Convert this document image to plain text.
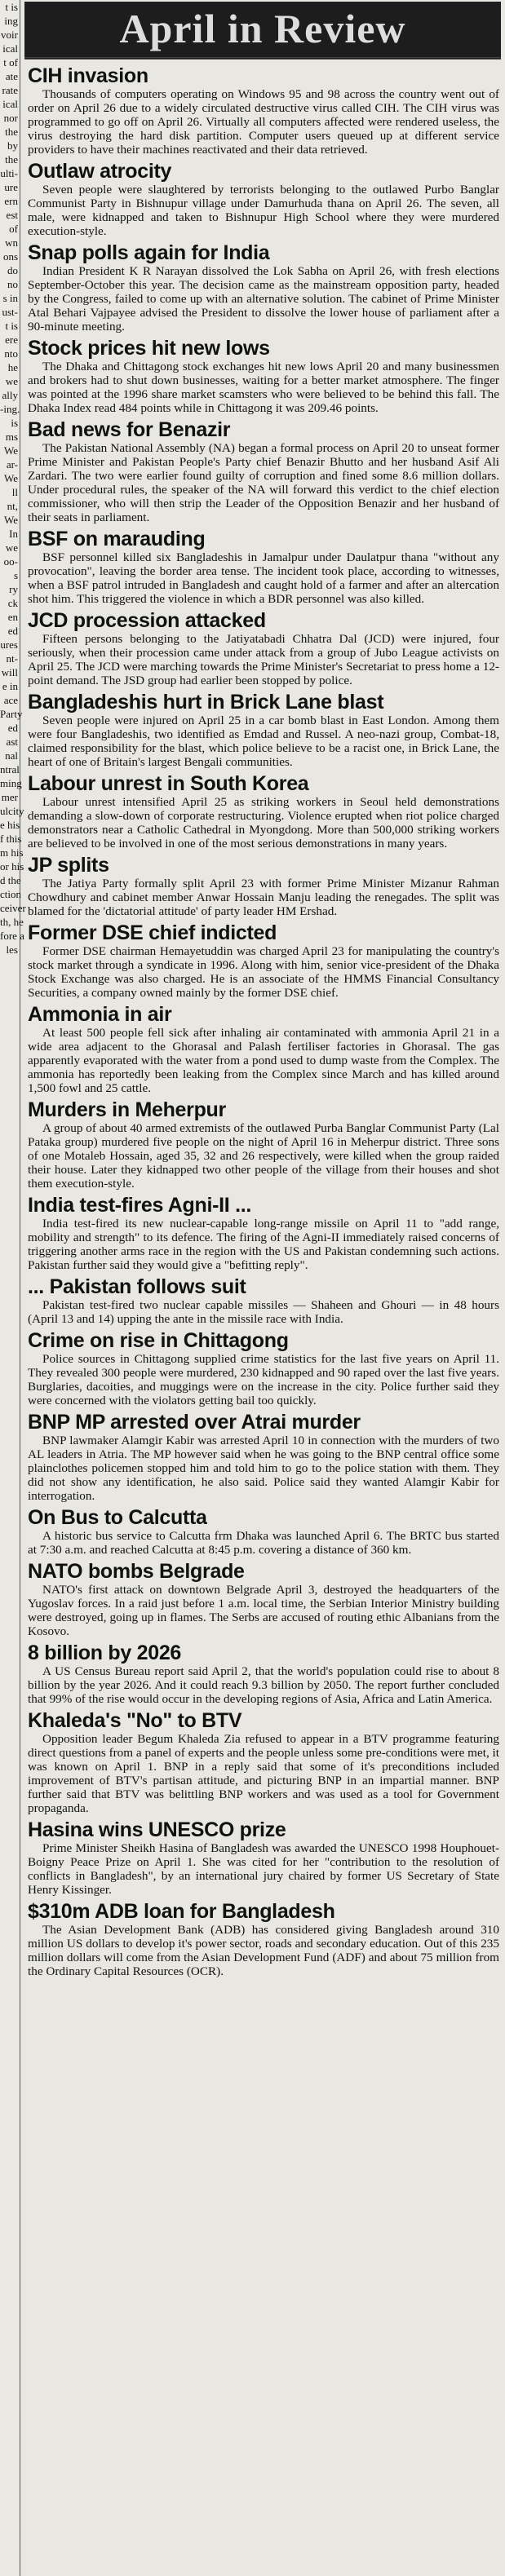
t is
ing
voir
ical
t of
ate
rate
ical
nor
the
by
the
ulti-
ure
ern
est
of
wn
ons
do
no
s in
ust-
t is
ere
nto
he
we
ally
-ing.
is
ms
We
ar-
We
ll
nt,
We
In
we
oo-
s
ry
ck
en
ed
ures
nt-
will
e in
ace
Party
ed
ast
nal
ntral
ming
mer
ulcity
e his
f this
m his
or his
d the
ction
ceiver
th, he
fore a
les
April in Review
CIH invasion

Thousands of computers operating on Windows 95 and 98 across the country went out of order on April 26 due to a widely circulated destructive virus called CIH. The CIH virus was programmed to go off on April 26. Virtually all computers affected were rendered useless, the virus destroying the hard disk partition. Computer users queued up at different service providers to have their machines reactivated and their data retrieved.

Outlaw atrocity

Seven people were slaughtered by terrorists belonging to the outlawed Purbo Banglar Communist Party in Bishnupur village under Damurhuda thana on April 26. The seven, all male, were kidnapped and taken to Bishnupur High School where they were murdered execution-style.

Snap polls again for India

Indian President K R Narayan dissolved the Lok Sabha on April 26, with fresh elections September-October this year. The decision came as the mainstream opposition party, headed by the Congress, failed to come up with an alternative solution. The cabinet of Prime Minister Atal Behari Vajpayee advised the President to dissolve the lower house of parliament after a 90-minute meeting.

Stock prices hit new lows

The Dhaka and Chittagong stock exchanges hit new lows April 20 and many businessmen and brokers had to shut down businesses, waiting for a better market atmosphere. The finger was pointed at the 1996 share market scamsters who were believed to be behind this fall. The Dhaka Index read 484 points while in Chittagong it was 209.46 points.

Bad news for Benazir

The Pakistan National Assembly (NA) began a formal process on April 20 to unseat former Prime Minister and Pakistan People's Party chief Benazir Bhutto and her husband Asif Ali Zardari. The two were earlier found guilty of corruption and fined some 8.6 million dollars. Under procedural rules, the speaker of the NA will forward this verdict to the chief election commissioner, who will then strip the Leader of the Opposition Benazir and her husband of their seats in parliament.

BSF on marauding

BSF personnel killed six Bangladeshis in Jamalpur under Daulatpur thana "without any provocation", leaving the border area tense. The incident took place, according to witnesses, when a BSF patrol intruded in Bangladesh and caught hold of a farmer and after an altercation shot him. This triggered the violence in which a BDR personnel was also killed.

JCD procession attacked

Fifteen persons belonging to the Jatiyatabadi Chhatra Dal (JCD) were injured, four seriously, when their procession came under attack from a group of Jubo League activists on April 25. The JCD were marching towards the Prime Minister's Secretariat to press home a 12-point demand. The JSD group had earlier been stopped by police.

Bangladeshis hurt in Brick Lane blast

Seven people were injured on April 25 in a car bomb blast in East London. Among them were four Bangladeshis, two identified as Emdad and Russel. A neo-nazi group, Combat-18, claimed responsibility for the blast, which police believe to be a racist one, in Brick Lane, the heart of one of Britain's largest Bengali communities.

Labour unrest in South Korea

Labour unrest intensified April 25 as striking workers in Seoul held demonstrations demanding a slow-down of corporate restructuring. Violence erupted when riot police charged demonstrators near a Catholic Cathedral in Myongdong. More than 500,000 striking workers are believed to be involved in one of the most serious demonstrations in many years.

JP splits

The Jatiya Party formally split April 23 with former Prime Minister Mizanur Rahman Chowdhury and cabinet member Anwar Hossain Manju leading the renegades. The split was blamed for the 'dictatorial attitude' of party leader HM Ershad.

Former DSE chief indicted

Former DSE chairman Hemayetuddin was charged April 23 for manipulating the country's stock market through a syndicate in 1996. Along with him, senior vice-president of the Dhaka Stock Exchange was also charged. He is an associate of the HMMS Financial Consultancy Securities, a company owned mainly by the former DSE chief.

Ammonia in air

At least 500 people fell sick after inhaling air contaminated with ammonia April 21 in a wide area adjacent to the Ghorasal and Palash fertiliser factories in Ghorasal. The gas apparently evaporated with the water from a pond used to dump waste from the Complex. The ammonia has reportedly been leaking from the Complex since March and has killed around 1,500 fowl and 25 cattle.

Murders in Meherpur

A group of about 40 armed extremists of the outlawed Purba Banglar Communist Party (Lal Pataka group) murdered five people on the night of April 16 in Meherpur district. Three sons of one Motaleb Hossain, aged 35, 32 and 26 respectively, were killed when the group raided their house. Later they kidnapped two other people of the village from their houses and shot them execution-style.

India test-fires Agni-II ...

India test-fired its new nuclear-capable long-range missile on April 11 to "add range, mobility and strength" to its defence. The firing of the Agni-II immediately raised concerns of triggering another arms race in the region with the US and Pakistan condemning such actions. Pakistan further said they would give a "befitting reply".

... Pakistan follows suit

Pakistan test-fired two nuclear capable missiles — Shaheen and Ghouri — in 48 hours (April 13 and 14) upping the ante in the missile race with India.

Crime on rise in Chittagong

Police sources in Chittagong supplied crime statistics for the last five years on April 11. They revealed 300 people were murdered, 230 kidnapped and 90 raped over the last five years. Burglaries, dacoities, and muggings were on the increase in the city. Police further said they were concerned with the violators getting bail too quickly.

BNP MP arrested over Atrai murder

BNP lawmaker Alamgir Kabir was arrested April 10 in connection with the murders of two AL leaders in Atria. The MP however said when he was going to the BNP central office some plainclothes policemen stopped him and told him to go to the police station with them. They did not show any identification, he also said. Police said they wanted Alamgir Kabir for interrogation.

On Bus to Calcutta

A historic bus service to Calcutta frm Dhaka was launched April 6. The BRTC bus started at 7:30 a.m. and reached Calcutta at 8:45 p.m. covering a distance of 360 km.

NATO bombs Belgrade

NATO's first attack on downtown Belgrade April 3, destroyed the headquarters of the Yugoslav forces. In a raid just before 1 a.m. local time, the Serbian Interior Ministry building were destroyed, going up in flames. The Serbs are accused of routing ethic Albanians from the Kosovo.

8 billion by 2026

A US Census Bureau report said April 2, that the world's population could rise to about 8 billion by the year 2026. And it could reach 9.3 billion by 2050. The report further concluded that 99% of the rise would occur in the developing regions of Asia, Africa and Latin America.

Khaleda's "No" to BTV

Opposition leader Begum Khaleda Zia refused to appear in a BTV programme featuring direct questions from a panel of experts and the people unless some pre-conditions were met, it was known on April 1. BNP in a reply said that some of it's preconditions included improvement of BTV's partisan attitude, and picturing BNP in an impartial manner. BNP further said that BTV was belittling BNP workers and was used as a tool for Government propaganda.

Hasina wins UNESCO prize

Prime Minister Sheikh Hasina of Bangladesh was awarded the UNESCO 1998 Houphouet-Boigny Peace Prize on April 1. She was cited for her "contribution to the resolution of conflicts in Bangladesh", by an international jury chaired by former US Secretary of State Henry Kissinger.

$310m ADB loan for Bangladesh

The Asian Development Bank (ADB) has considered giving Bangladesh around 310 million US dollars to develop it's power sector, roads and secondary education. Out of this 235 million dollars will come from the Asian Development Fund (ADF) and about 75 million from the Ordinary Capital Resources (OCR).
